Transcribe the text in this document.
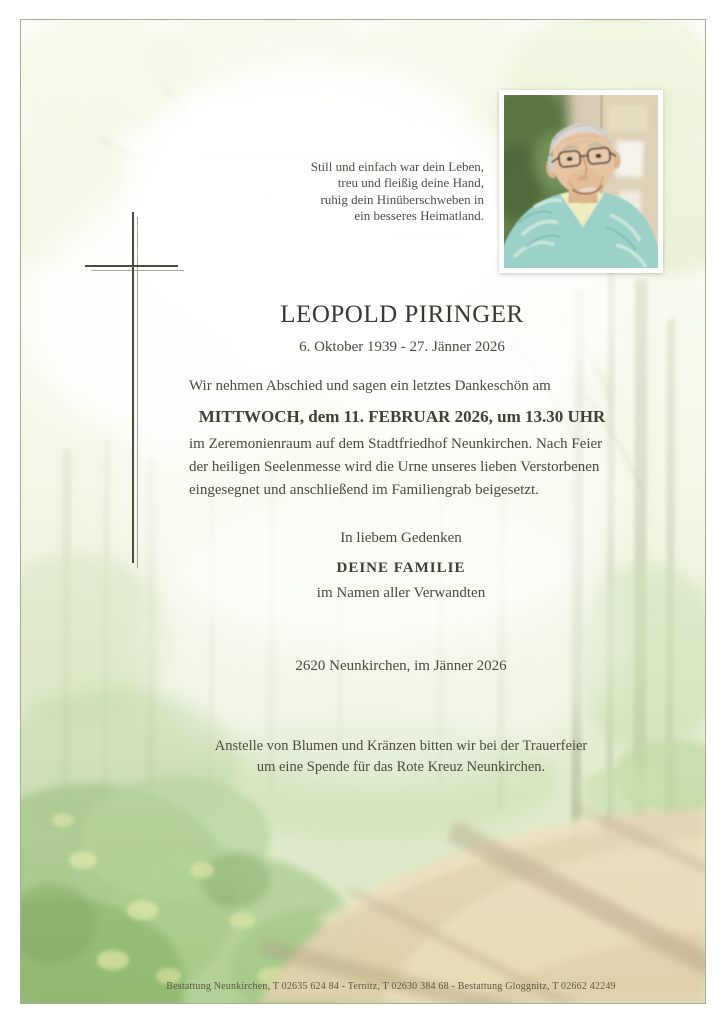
Still und einfach war dein Leben,
treu und fleißig deine Hand,
ruhig dein Hinüberschweben in
ein besseres Heimatland.
LEOPOLD PIRINGER
6. Oktober 1939 - 27. Jänner 2026
Wir nehmen Abschied und sagen ein letztes Dankeschön am
MITTWOCH, dem 11. FEBRUAR 2026, um 13.30 UHR
im Zeremonienraum auf dem Stadtfriedhof Neunkirchen. Nach Feier der heiligen Seelenmesse wird die Urne unseres lieben Verstorbenen eingesegnet und anschließend im Familiengrab beigesetzt.
In liebem Gedenken
DEINE FAMILIE
im Namen aller Verwandten
2620 Neunkirchen, im Jänner 2026
Anstelle von Blumen und Kränzen bitten wir bei der Trauerfeier
um eine Spende für das Rote Kreuz Neunkirchen.
Bestattung Neunkirchen, T 02635 624 84 - Ternitz, T 02630 384 68 - Bestattung Gloggnitz, T 02662 42249
